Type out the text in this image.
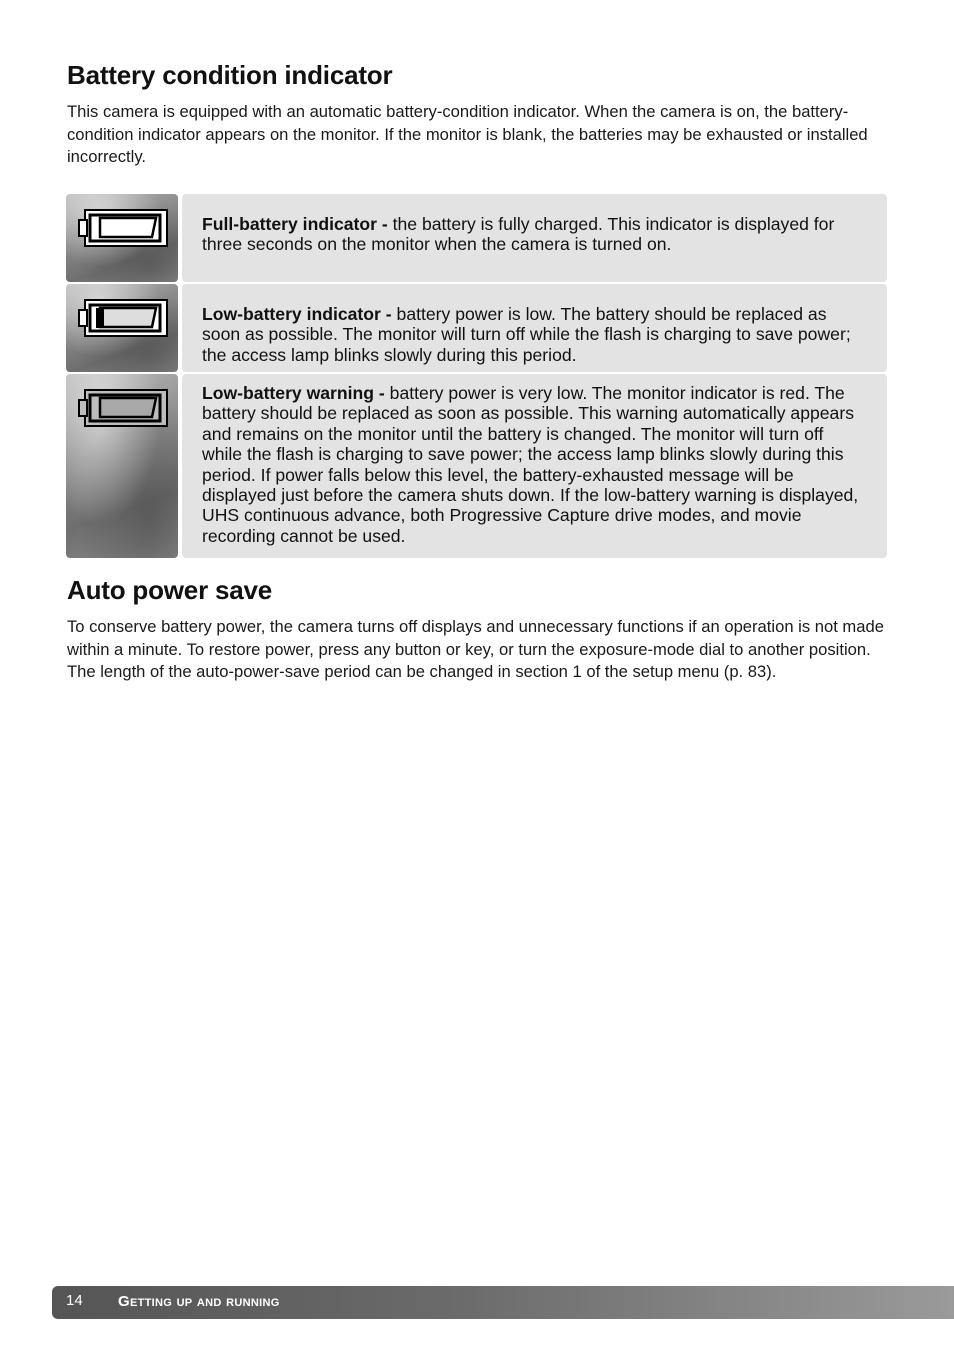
Battery condition indicator

This camera is equipped with an automatic battery-condition indicator. When the camera is on, the battery-condition indicator appears on the monitor. If the monitor is blank, the batteries may be exhausted or installed incorrectly.

Full-battery indicator - the battery is fully charged. This indicator is displayed for three seconds on the monitor when the camera is turned on.

Low-battery indicator - battery power is low. The battery should be replaced as soon as possible. The monitor will turn off while the flash is charging to save power; the access lamp blinks slowly during this period.

Low-battery warning - battery power is very low. The monitor indicator is red. The battery should be replaced as soon as possible. This warning automatically appears and remains on the monitor until the battery is changed. The monitor will turn off while the flash is charging to save power; the access lamp blinks slowly during this period. If power falls below this level, the battery-exhausted message will be displayed just before the camera shuts down. If the low-battery warning is displayed, UHS continuous advance, both Progressive Capture drive modes, and movie recording cannot be used.

Auto power save

To conserve battery power, the camera turns off displays and unnecessary functions if an operation is not made within a minute. To restore power, press any button or key, or turn the exposure-mode dial to another position. The length of the auto-power-save period can be changed in section 1 of the setup menu (p. 83).

14 Getting up and running
